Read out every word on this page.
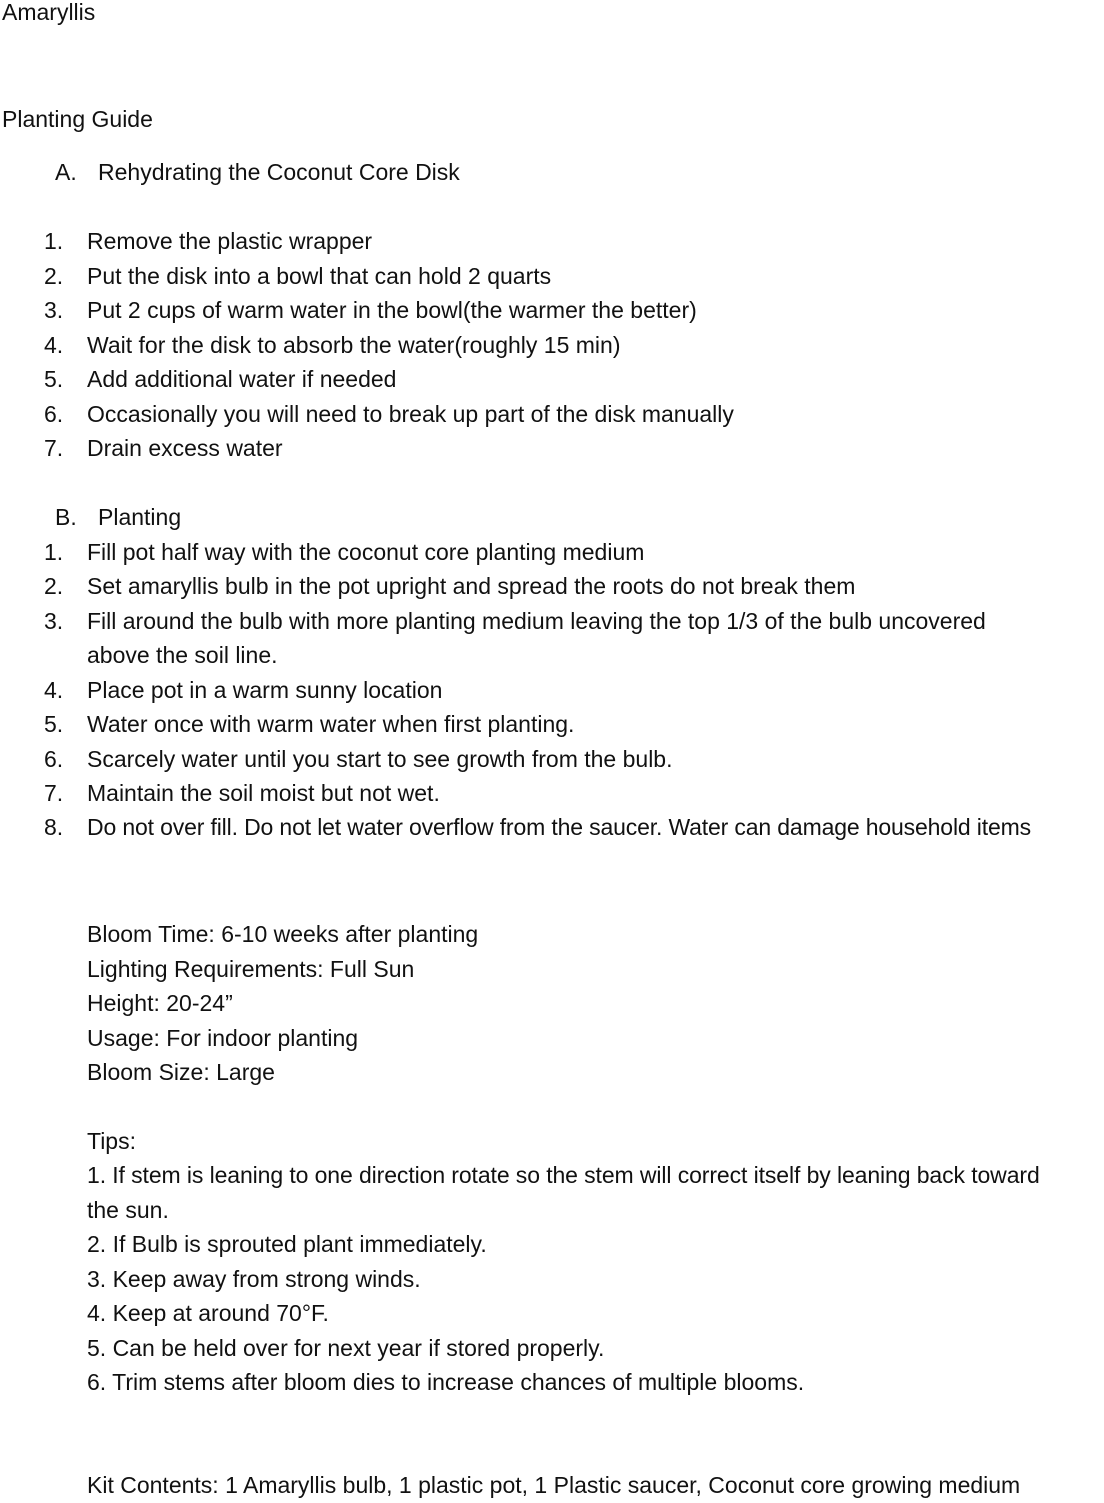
Amaryllis
Planting Guide
A. Rehydrating the Coconut Core Disk
1. Remove the plastic wrapper
2. Put the disk into a bowl that can hold 2 quarts
3. Put 2 cups of warm water in the bowl(the warmer the better)
4. Wait for the disk to absorb the water(roughly 15 min)
5. Add additional water if needed
6. Occasionally you will need to break up part of the disk manually
7. Drain excess water
B. Planting
1. Fill pot half way with the coconut core planting medium
2. Set amaryllis bulb in the pot upright and spread the roots do not break them
3. Fill around the bulb with more planting medium leaving the top 1/3 of the bulb uncovered
above the soil line.
4. Place pot in a warm sunny location
5. Water once with warm water when first planting.
6. Scarcely water until you start to see growth from the bulb.
7. Maintain the soil moist but not wet.
8. Do not over fill. Do not let water overflow from the saucer. Water can damage household items
Bloom Time: 6-10 weeks after planting
Lighting Requirements: Full Sun
Height: 20-24”
Usage: For indoor planting
Bloom Size: Large
Tips:
1. If stem is leaning to one direction rotate so the stem will correct itself by leaning back toward
the sun.
2. If Bulb is sprouted plant immediately.
3. Keep away from strong winds.
4. Keep at around 70°F.
5. Can be held over for next year if stored properly.
6. Trim stems after bloom dies to increase chances of multiple blooms.
Kit Contents: 1 Amaryllis bulb, 1 plastic pot, 1 Plastic saucer, Coconut core growing medium
